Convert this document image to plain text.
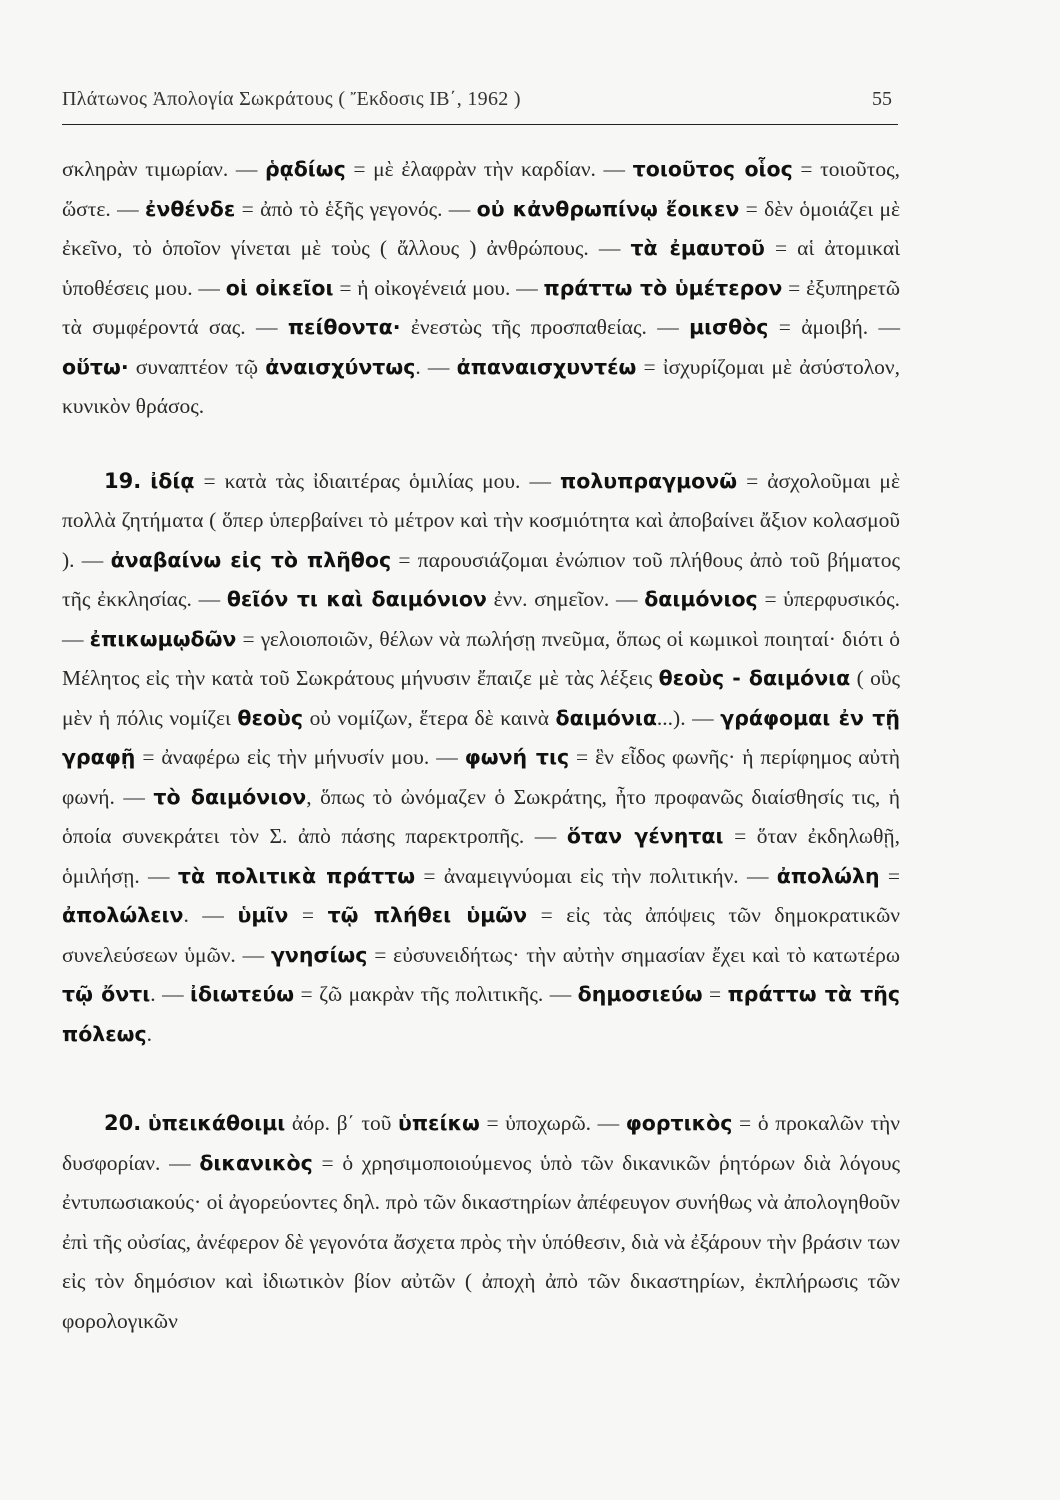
Πλάτωνος Ἀπολογία Σωκράτους ( Ἔκδοσις ΙΒ΄, 1962 )	55

σκληρὰν τιμωρίαν. — ῥᾳδίως = μὲ ἐλαφρὰν τὴν καρδίαν. — τοιοῦτος οἷος = τοιοῦτος, ὥστε. — ἐνθένδε = ἀπὸ τὸ ἑξῆς γεγονός. — οὐ κἀνθρωπίνῳ ἔοικεν = δὲν ὁμοιάζει μὲ ἐκεῖνο, τὸ ὁποῖον γίνεται μὲ τοὺς ( ἄλλους ) ἀνθρώπους. — τὰ ἐμαυτοῦ = αἱ ἀτομικαὶ ὑποθέσεις μου. — οἱ οἰκεῖοι = ἡ οἰκογένειά μου. — πράττω τὸ ὑμέτερον = ἐξυπηρετῶ τὰ συμφέροντά σας. — πείθοντα· ἐνεστὼς τῆς προσπαθείας. — μισθὸς = ἀμοιβή. — οὕτω· συναπτέον τῷ ἀναισχύντως. — ἀπαναισχυντέω = ἰσχυρίζομαι μὲ ἀσύστολον, κυνικὸν θράσος.

19. ἰδίᾳ = κατὰ τὰς ἰδιαιτέρας ὁμιλίας μου. — πολυπραγμονῶ = ἀσχολοῦμαι μὲ πολλὰ ζητήματα ( ὅπερ ὑπερβαίνει τὸ μέτρον καὶ τὴν κοσμιότητα καὶ ἀποβαίνει ἄξιον κολασμοῦ ). — ἀναβαίνω εἰς τὸ πλῆθος = παρουσιάζομαι ἐνώπιον τοῦ πλήθους ἀπὸ τοῦ βήματος τῆς ἐκκλησίας. — θεῖόν τι καὶ δαιμόνιον ἐνν. σημεῖον. — δαιμόνιος = ὑπερφυσικός. — ἐπικωμῳδῶν = γελοιοποιῶν, θέλων νὰ πωλήσῃ πνεῦμα, ὅπως οἱ κωμικοὶ ποιηταί· διότι ὁ Μέλητος εἰς τὴν κατὰ τοῦ Σωκράτους μήνυσιν ἔπαιζε μὲ τὰς λέξεις θεοὺς - δαιμόνια ( οὓς μὲν ἡ πόλις νομίζει θεοὺς οὐ νομίζων, ἕτερα δὲ καινὰ δαιμόνια...). — γράφομαι ἐν τῇ γραφῇ = ἀναφέρω εἰς τὴν μήνυσίν μου. — φωνή τις = ἓν εἶδος φωνῆς· ἡ περίφημος αὐτὴ φωνή. — τὸ δαιμόνιον, ὅπως τὸ ὠνόμαζεν ὁ Σωκράτης, ἦτο προφανῶς διαίσθησίς τις, ἡ ὁποία συνεκράτει τὸν Σ. ἀπὸ πάσης παρεκτροπῆς. — ὅταν γένηται = ὅταν ἐκδηλωθῇ, ὁμιλήσῃ. — τὰ πολιτικὰ πράττω = ἀναμειγνύομαι εἰς τὴν πολιτικήν. — ἀπολώλη = ἀπολώλειν. — ὑμῖν = τῷ πλήθει ὑμῶν = εἰς τὰς ἀπόψεις τῶν δημοκρατικῶν συνελεύσεων ὑμῶν. — γνησίως = εὐσυνειδήτως· τὴν αὐτὴν σημασίαν ἔχει καὶ τὸ κατωτέρω τῷ ὄντι. — ἰδιωτεύω = ζῶ μακρὰν τῆς πολιτικῆς. — δημοσιεύω = πράττω τὰ τῆς πόλεως.

20. ὑπεικάθοιμι ἀόρ. β΄ τοῦ ὑπείκω = ὑποχωρῶ. — φορτικὸς = ὁ προκαλῶν τὴν δυσφορίαν. — δικανικὸς = ὁ χρησιμοποιούμενος ὑπὸ τῶν δικανικῶν ῥητόρων διὰ λόγους ἐντυπωσιακούς· οἱ ἀγορεύοντες δηλ. πρὸ τῶν δικαστηρίων ἀπέφευγον συνήθως νὰ ἀπολογηθοῦν ἐπὶ τῆς οὐσίας, ἀνέφερον δὲ γεγονότα ἄσχετα πρὸς τὴν ὑπόθεσιν, διὰ νὰ ἐξάρουν τὴν βράσιν των εἰς τὸν δημόσιον καὶ ἰδιωτικὸν βίον αὐτῶν ( ἀποχὴ ἀπὸ τῶν δικαστηρίων, ἐκπλήρωσις τῶν φορολογικῶν
